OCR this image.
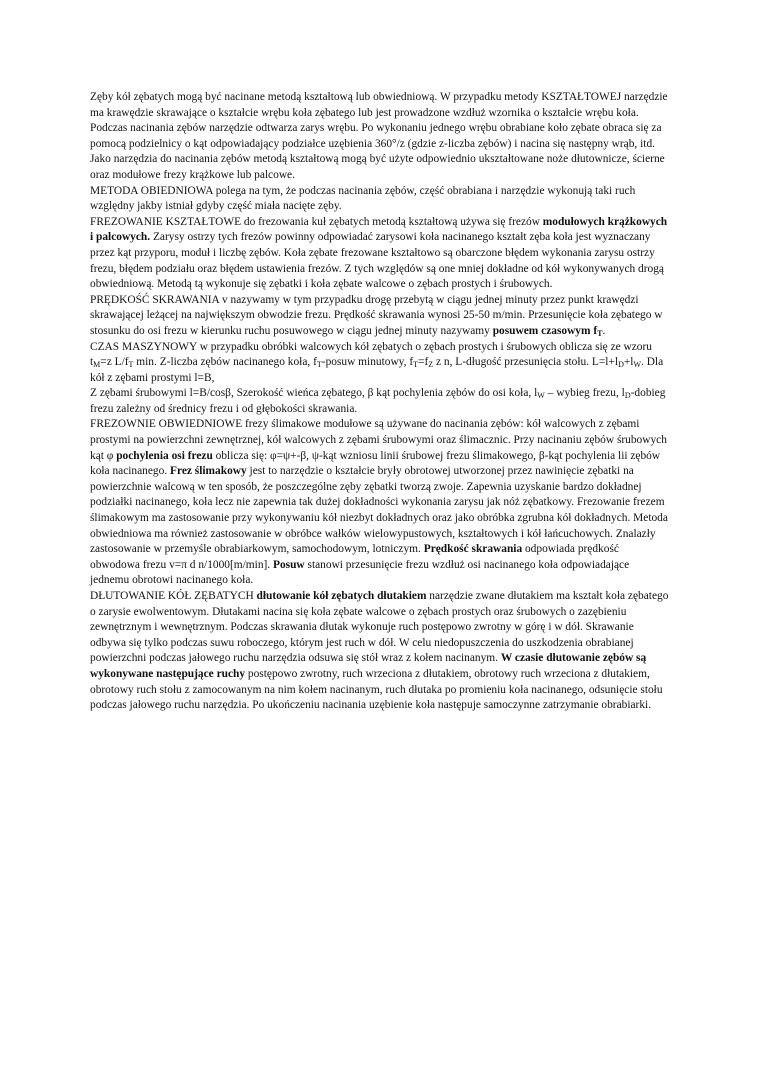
Zęby kół zębatych mogą być nacinane metodą kształtową lub obwiedniową. W przypadku metody KSZTAŁTOWEJ narzędzie ma krawędzie skrawające o kształcie wrębu koła zębatego lub jest prowadzone wzdłuż wzornika o kształcie wrębu koła. Podczas nacinania zębów narzędzie odtwarza zarys wrębu. Po wykonaniu jednego wrębu obrabiane koło zębate obraca się za pomocą podzielnicy o kąt odpowiadający podziałce uzębienia 360°/z (gdzie z-liczba zębów) i nacina się następny wrąb, itd. Jako narzędzia do nacinania zębów metodą kształtową mogą być użyte odpowiednio ukształtowane noże dłutownicze, ścierne oraz modułowe frezy krążkowe lub palcowe.

METODA OBIEDNIOWA polega na tym, że podczas nacinania zębów, część obrabiana i narzędzie wykonują taki ruch względny jakby istniał gdyby część miała nacięte zęby.

FREZOWANIE KSZTAŁTOWE do frezowania kuł zębatych metodą kształtową używa się frezów modułowych krążkowych i palcowych. Zarysy ostrzy tych frezów powinny odpowiadać zarysowi koła nacinanego kształt zęba koła jest wyznaczany przez kąt przyporu, moduł i liczbę zębów. Koła zębate frezowane kształtowo są obarczone błędem wykonania zarysu ostrzy frezu, błędem podziału oraz błędem ustawienia frezów. Z tych względów są one mniej dokładne od kół wykonywanych drogą obwiedniową. Metodą tą wykonuje się zębatki i koła zębate walcowe o zębach prostych i śrubowych.

PRĘDKOŚĆ SKRAWANIA v nazywamy w tym przypadku drogę przebytą w ciągu jednej minuty przez punkt krawędzi skrawającej leżącej na największym obwodzie frezu. Prędkość skrawania wynosi 25-50 m/min. Przesunięcie koła zębatego w stosunku do osi frezu w kierunku ruchu posuwowego w ciągu jednej minuty nazywamy posuwem czasowym $f_T$.

CZAS MASZYNOWY w przypadku obróbki walcowych kół zębatych o zębach prostych i śrubowych oblicza się ze wzoru $t_M=z$ $L/f_T$ min. Z-liczba zębów nacinanego koła, $f_T$-posuw minutowy, $f_T=f_Z$ z n, L-długość przesunięcia stołu. $L=l+l_D+l_W$. Dla kół z zębami prostymi l=B,

Z zębami śrubowymi l=B/cosβ, Szerokość wieńca zębatego, β kąt pochylenia zębów do osi koła, $l_W$ – wybieg frezu, $l_D$-dobieg frezu zależny od średnicy frezu i od głębokości skrawania.

FREZOWNIE OBWIEDNIOWE frezy ślimakowe modułowe są używane do nacinania zębów: kół walcowych z zębami prostymi na powierzchni zewnętrznej, kół walcowych z zębami śrubowymi oraz ślimacznic. Przy nacinaniu zębów śrubowych kąt φ pochylenia osi frezu oblicza się: φ=ψ+-β, ψ-kąt wzniosu linii śrubowej frezu ślimakowego, β-kąt pochylenia lii zębów koła nacinanego. Frez ślimakowy jest to narzędzie o kształcie bryły obrotowej utworzonej przez nawinięcie zębatki na powierzchnie walcową w ten sposób, że poszczególne zęby zębatki tworzą zwoje. Zapewnia uzyskanie bardzo dokładnej podziałki nacinanego, koła lecz nie zapewnia tak dużej dokładności wykonania zarysu jak nóż zębatkowy. Frezowanie frezem ślimakowym ma zastosowanie przy wykonywaniu kół niezbyt dokładnych oraz jako obróbka zgrubna kół dokładnych. Metoda obwiedniowa ma również zastosowanie w obróbce wałków wielowypustowych, kształtowych i kół łańcuchowych. Znalazły zastosowanie w przemyśle obrabiarkowym, samochodowym, lotniczym. Prędkość skrawania odpowiada prędkość obwodowa frezu v=π d n/1000[m/min]. Posuw stanowi przesunięcie frezu wzdłuż osi nacinanego koła odpowiadające jednemu obrotowi nacinanego koła.

DŁUTOWANIE KÓŁ ZĘBATYCH dłutowanie kół zębatych dłutakiem narzędzie zwane dłutakiem ma kształt koła zębatego o zarysie ewolwentowym. Dłutakami nacina się koła zębate walcowe o zębach prostych oraz śrubowych o zazębieniu zewnętrznym i wewnętrznym. Podczas skrawania dłutak wykonuje ruch postępowo zwrotny w górę i w dół. Skrawanie odbywa się tylko podczas suwu roboczego, którym jest ruch w dół. W celu niedopuszczenia do uszkodzenia obrabianej powierzchni podczas jałowego ruchu narzędzia odsuwa się stół wraz z kołem nacinanym. W czasie dłutowanie zębów są wykonywane następujące ruchy postępowo zwrotny, ruch wrzeciona z dłutakiem, obrotowy ruch wrzeciona z dłutakiem, obrotowy ruch stołu z zamocowanym na nim kołem nacinanym, ruch dłutaka po promieniu koła nacinanego, odsunięcie stołu podczas jałowego ruchu narzędzia. Po ukończeniu nacinania uzębienie koła następuje samoczynne zatrzymanie obrabiarki.
